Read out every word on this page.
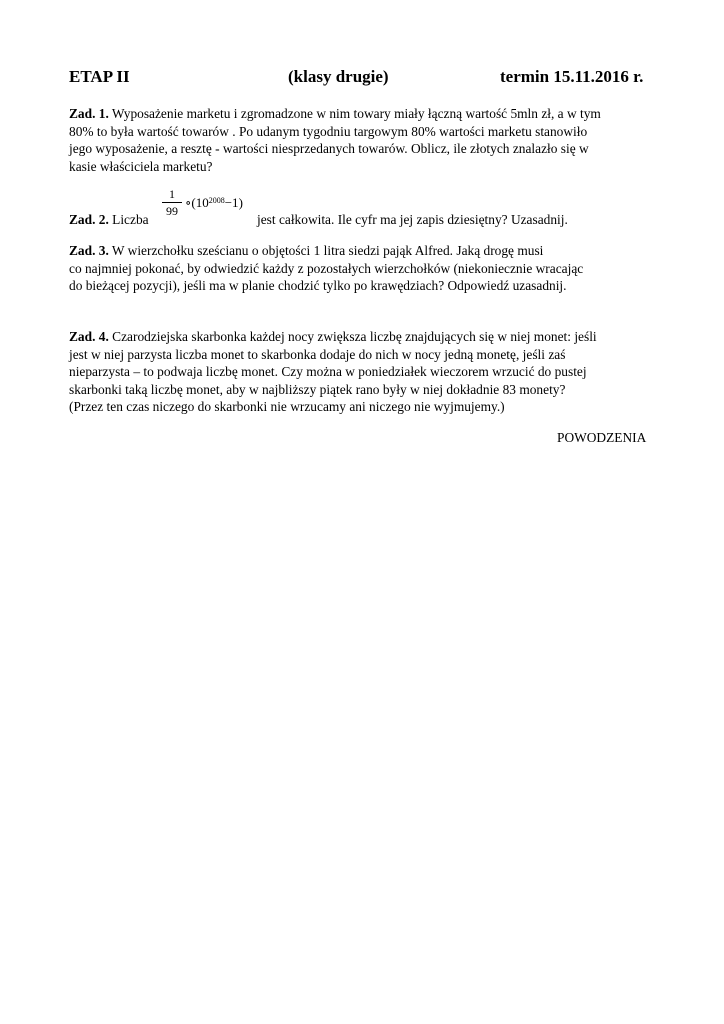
ETAP II	(klasy drugie)	termin 15.11.2016 r.
Zad. 1. Wyposażenie marketu i zgromadzone w nim towary miały łączną wartość 5mln zł, a w tym
80% to była wartość towarów . Po udanym tygodniu targowym 80% wartości marketu stanowiło
jego wyposażenie, a resztę - wartości niesprzedanych towarów. Oblicz, ile złotych znalazło się w
kasie właściciela marketu?
Zad. 2. Liczba
1
99
$\circ(10^{2008}-1)$
jest całkowita. Ile cyfr ma jej zapis dziesiętny? Uzasadnij.
Zad. 3. W wierzchołku sześcianu o objętości 1 litra siedzi pająk Alfred. Jaką drogę musi
co najmniej pokonać, by odwiedzić każdy z pozostałych wierzchołków (niekoniecznie wracając
do bieżącej pozycji), jeśli ma w planie chodzić tylko po krawędziach? Odpowiedź uzasadnij.
Zad. 4. Czarodziejska skarbonka każdej nocy zwiększa liczbę znajdujących się w niej monet: jeśli
jest w niej parzysta liczba monet to skarbonka dodaje do nich w nocy jedną monetę, jeśli zaś
nieparzysta – to podwaja liczbę monet. Czy można w poniedziałek wieczorem wrzucić do pustej
skarbonki taką liczbę monet, aby w najbliższy piątek rano były w niej dokładnie 83 monety?
(Przez ten czas niczego do skarbonki nie wrzucamy ani niczego nie wyjmujemy.)
POWODZENIA
